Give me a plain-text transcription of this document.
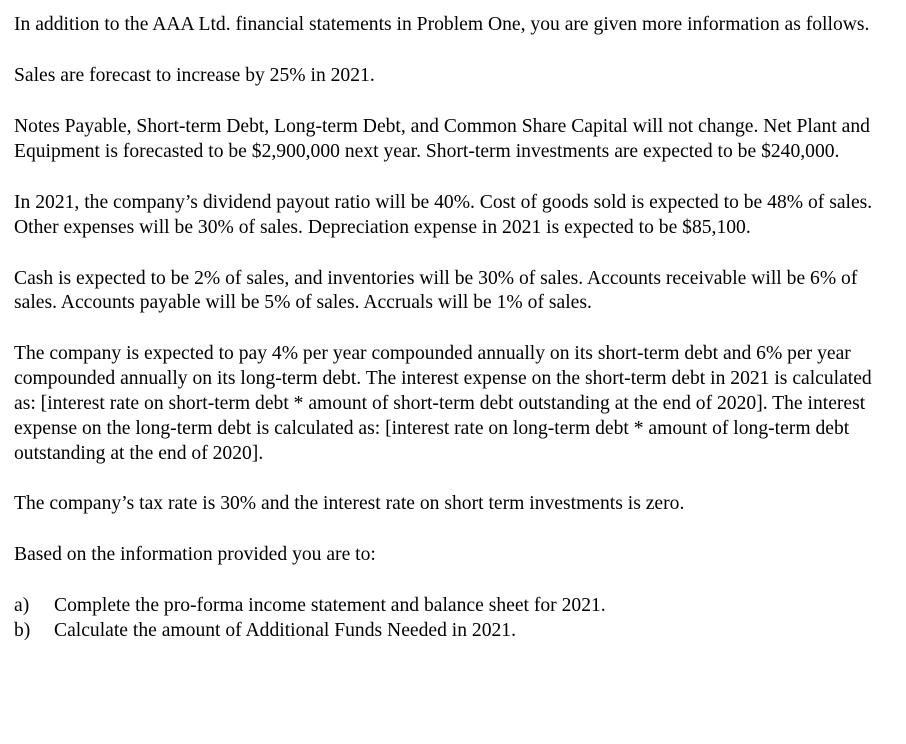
In addition to the AAA Ltd. financial statements in Problem One, you are given more information as follows.

Sales are forecast to increase by 25% in 2021.

Notes Payable, Short-term Debt, Long-term Debt, and Common Share Capital will not change. Net Plant and Equipment is forecasted to be $2,900,000 next year. Short-term investments are expected to be $240,000.

In 2021, the company’s dividend payout ratio will be 40%. Cost of goods sold is expected to be 48% of sales. Other expenses will be 30% of sales. Depreciation expense in 2021 is expected to be $85,100.

Cash is expected to be 2% of sales, and inventories will be 30% of sales. Accounts receivable will be 6% of sales. Accounts payable will be 5% of sales. Accruals will be 1% of sales.

The company is expected to pay 4% per year compounded annually on its short-term debt and 6% per year compounded annually on its long-term debt. The interest expense on the short-term debt in 2021 is calculated as: [interest rate on short-term debt * amount of short-term debt outstanding at the end of 2020]. The interest expense on the long-term debt is calculated as: [interest rate on long-term debt * amount of long-term debt outstanding at the end of 2020].

The company’s tax rate is 30% and the interest rate on short term investments is zero.

Based on the information provided you are to:

a)	Complete the pro-forma income statement and balance sheet for 2021.
b)	Calculate the amount of Additional Funds Needed in 2021.
